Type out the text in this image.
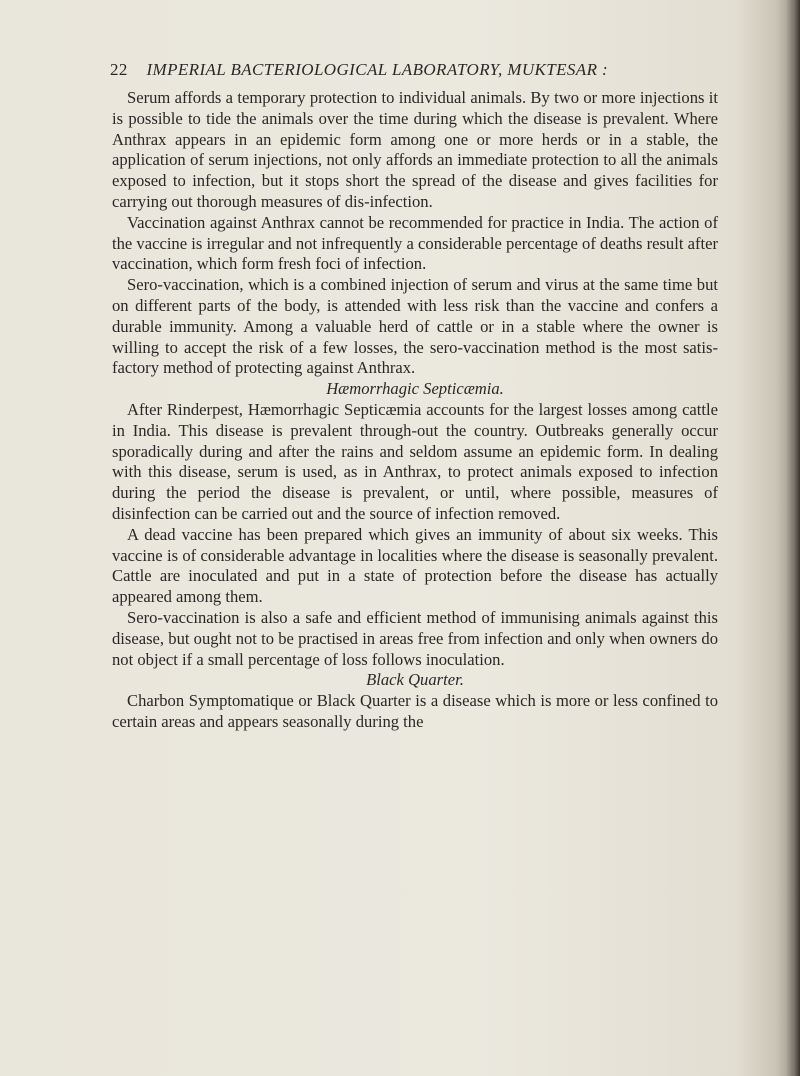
22 IMPERIAL BACTERIOLOGICAL LABORATORY, MUKTESAR :

Serum affords a temporary protection to individual animals. By two or more injections it is possible to tide the animals over the time during which the disease is prevalent. Where Anthrax appears in an epidemic form among one or more herds or in a stable, the application of serum injections, not only affords an immediate protection to all the animals exposed to infection, but it stops short the spread of the disease and gives facilities for carrying out thorough measures of dis-infection.

Vaccination against Anthrax cannot be recommended for practice in India. The action of the vaccine is irregular and not infrequently a considerable percentage of deaths result after vaccination, which form fresh foci of infection.

Sero-vaccination, which is a combined injection of serum and virus at the same time but on different parts of the body, is attended with less risk than the vaccine and confers a durable immunity. Among a valuable herd of cattle or in a stable where the owner is willing to accept the risk of a few losses, the sero-vaccination method is the most satis-factory method of protecting against Anthrax.

Hæmorrhagic Septicæmia.

After Rinderpest, Hæmorrhagic Septicæmia accounts for the largest losses among cattle in India. This disease is prevalent through-out the country. Outbreaks generally occur sporadically during and after the rains and seldom assume an epidemic form. In dealing with this disease, serum is used, as in Anthrax, to protect animals exposed to infection during the period the disease is prevalent, or until, where possible, measures of disinfection can be carried out and the source of infection removed.

A dead vaccine has been prepared which gives an immunity of about six weeks. This vaccine is of considerable advantage in localities where the disease is seasonally prevalent. Cattle are inoculated and put in a state of protection before the disease has actually appeared among them.

Sero-vaccination is also a safe and efficient method of immunising animals against this disease, but ought not to be practised in areas free from infection and only when owners do not object if a small percentage of loss follows inoculation.

Black Quarter.

Charbon Symptomatique or Black Quarter is a disease which is more or less confined to certain areas and appears seasonally during the
